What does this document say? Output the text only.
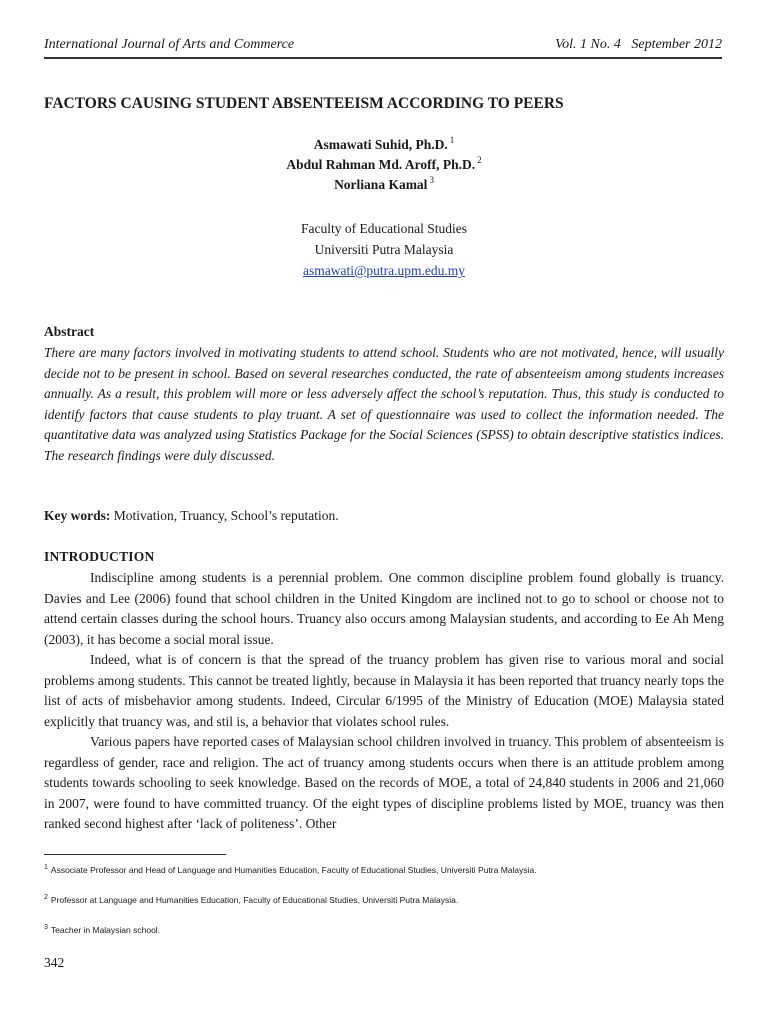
International Journal of Arts and Commerce	Vol. 1 No. 4   September 2012
FACTORS CAUSING STUDENT ABSENTEEISM ACCORDING TO PEERS
Asmawati Suhid, Ph.D. $^1$
Abdul Rahman Md. Aroff, Ph.D. $^2$
Norliana Kamal $^3$
Faculty of Educational Studies
Universiti Putra Malaysia
asmawati@putra.upm.edu.my
Abstract
There are many factors involved in motivating students to attend school. Students who are not motivated, hence, will usually decide not to be present in school. Based on several researches conducted, the rate of absenteeism among students increases annually. As a result, this problem will more or less adversely affect the school’s reputation. Thus, this study is conducted to identify factors that cause students to play truant. A set of questionnaire was used to collect the information needed. The quantitative data was analyzed using Statistics Package for the Social Sciences (SPSS) to obtain descriptive statistics indices. The research findings were duly discussed.
Key words: Motivation, Truancy, School’s reputation.
INTRODUCTION

Indiscipline among students is a perennial problem. One common discipline problem found globally is truancy. Davies and Lee (2006) found that school children in the United Kingdom are inclined not to go to school or choose not to attend certain classes during the school hours. Truancy also occurs among Malaysian students, and according to Ee Ah Meng (2003), it has become a social moral issue.

Indeed, what is of concern is that the spread of the truancy problem has given rise to various moral and social problems among students. This cannot be treated lightly, because in Malaysia it has been reported that truancy nearly tops the list of acts of misbehavior among students. Indeed, Circular 6/1995 of the Ministry of Education (MOE) Malaysia stated explicitly that truancy was, and stil is, a behavior that violates school rules.

Various papers have reported cases of Malaysian school children involved in truancy. This problem of absenteeism is regardless of gender, race and religion. The act of truancy among students occurs when there is an attitude problem among students towards schooling to seek knowledge. Based on the records of MOE, a total of 24,840 students in 2006 and 21,060 in 2007, were found to have committed truancy. Of the eight types of discipline problems listed by MOE, truancy was then ranked second highest after ‘lack of politeness’. Other

$^1$ Associate Professor and Head of Language and Humanities Education, Faculty of Educational Studies, Universiti Putra Malaysia.
$^2$ Professor at Language and Humanities Education, Faculty of Educational Studies, Universiti Putra Malaysia.
$^3$ Teacher in Malaysian school.
342
